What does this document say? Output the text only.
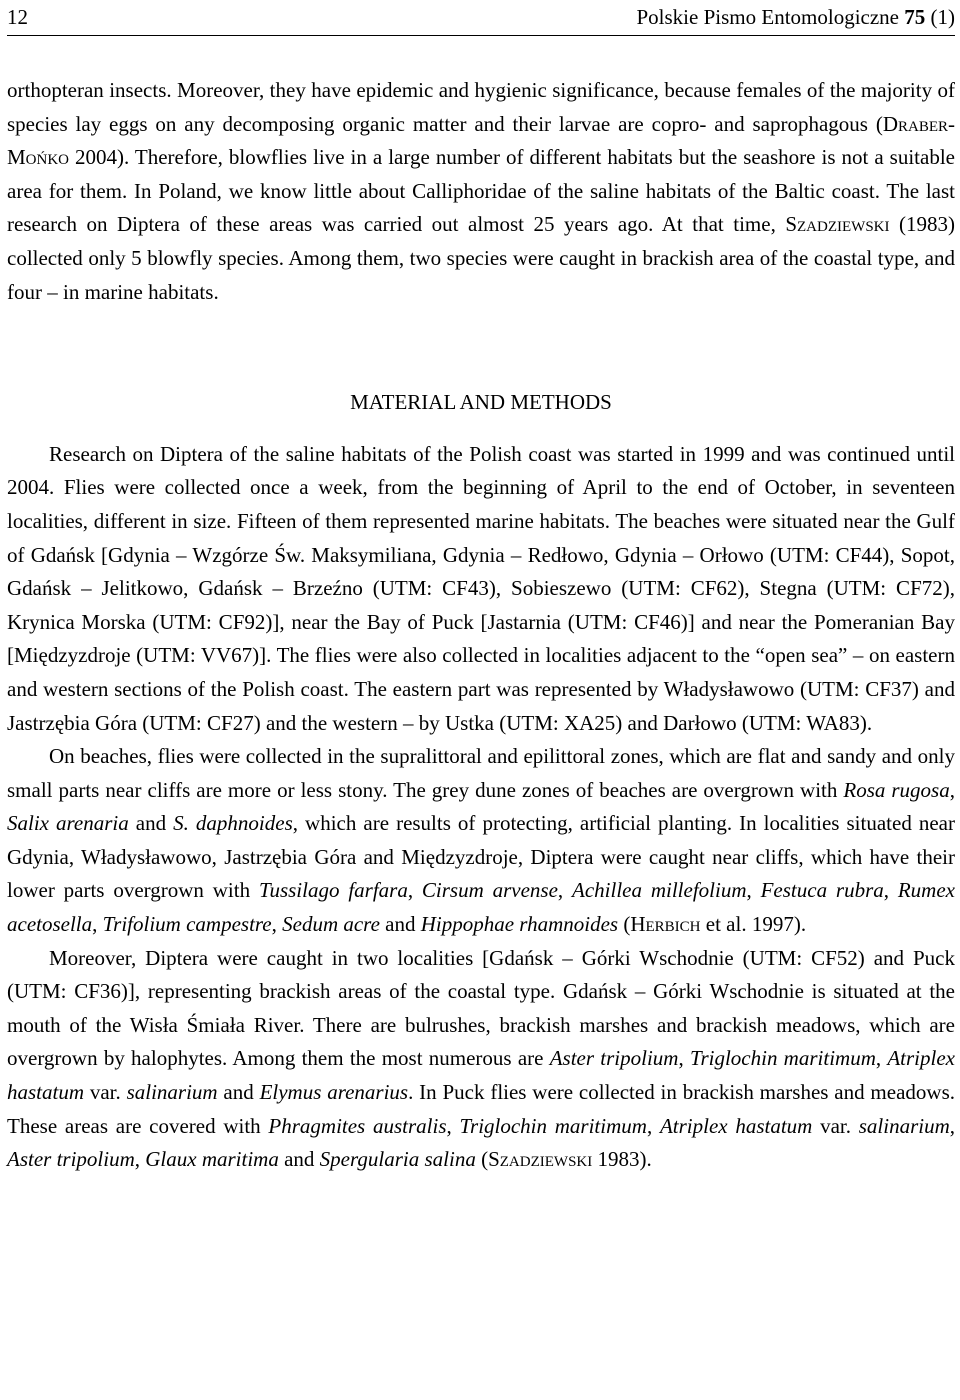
12	Polskie Pismo Entomologiczne 75 (1)

orthopteran insects. Moreover, they have epidemic and hygienic significance, because females of the majority of species lay eggs on any decomposing organic matter and their larvae are copro- and saprophagous (Draber-Mońko 2004). Therefore, blowflies live in a large number of different habitats but the seashore is not a suitable area for them. In Poland, we know little about Calliphoridae of the saline habitats of the Baltic coast. The last research on Diptera of these areas was carried out almost 25 years ago. At that time, Szadziewski (1983) collected only 5 blowfly species. Among them, two species were caught in brackish area of the coastal type, and four – in marine habitats.

MATERIAL AND METHODS

Research on Diptera of the saline habitats of the Polish coast was started in 1999 and was continued until 2004. Flies were collected once a week, from the beginning of April to the end of October, in seventeen localities, different in size. Fifteen of them represented marine habitats. The beaches were situated near the Gulf of Gdańsk [Gdynia – Wzgórze Św. Maksymiliana, Gdynia – Redłowo, Gdynia – Orłowo (UTM: CF44), Sopot, Gdańsk – Jelitkowo, Gdańsk – Brzeźno (UTM: CF43), Sobieszewo (UTM: CF62), Stegna (UTM: CF72), Krynica Morska (UTM: CF92)], near the Bay of Puck [Jastarnia (UTM: CF46)] and near the Pomeranian Bay [Międzyzdroje (UTM: VV67)]. The flies were also collected in localities adjacent to the “open sea” – on eastern and western sections of the Polish coast. The eastern part was represented by Władysławowo (UTM: CF37) and Jastrzębia Góra (UTM: CF27) and the western – by Ustka (UTM: XA25) and Darłowo (UTM: WA83).

On beaches, flies were collected in the supralittoral and epilittoral zones, which are flat and sandy and only small parts near cliffs are more or less stony. The grey dune zones of beaches are overgrown with Rosa rugosa, Salix arenaria and S. daphnoides, which are results of protecting, artificial planting. In localities situated near Gdynia, Władysławowo, Jastrzębia Góra and Międzyzdroje, Diptera were caught near cliffs, which have their lower parts overgrown with Tussilago farfara, Cirsum arvense, Achillea millefolium, Festuca rubra, Rumex acetosella, Trifolium campestre, Sedum acre and Hippophae rhamnoides (Herbich et al. 1997).

Moreover, Diptera were caught in two localities [Gdańsk – Górki Wschodnie (UTM: CF52) and Puck (UTM: CF36)], representing brackish areas of the coastal type. Gdańsk – Górki Wschodnie is situated at the mouth of the Wisła Śmiała River. There are bulrushes, brackish marshes and brackish meadows, which are overgrown by halophytes. Among them the most numerous are Aster tripolium, Triglochin maritimum, Atriplex hastatum var. salinarium and Elymus arenarius. In Puck flies were collected in brackish marshes and meadows. These areas are covered with Phragmites australis, Triglochin maritimum, Atriplex hastatum var. salinarium, Aster tripolium, Glaux maritima and Spergularia salina (Szadziewski 1983).
